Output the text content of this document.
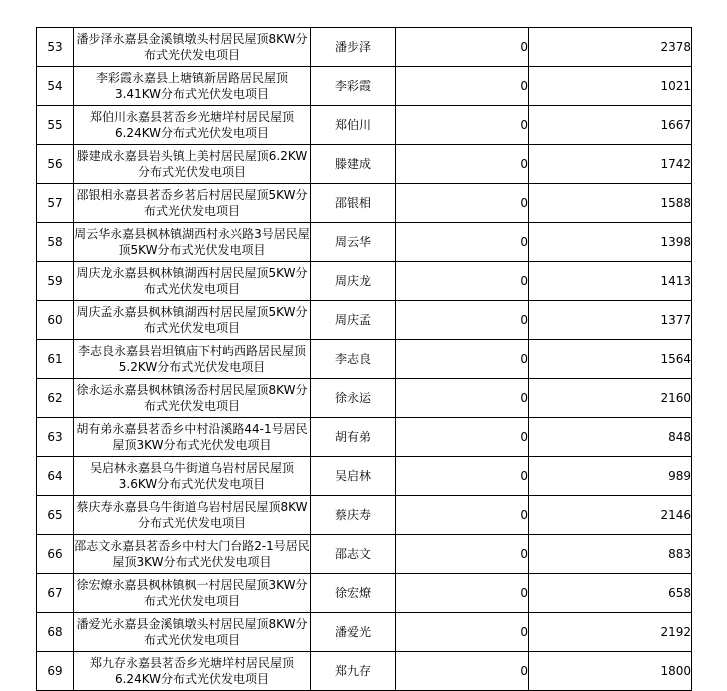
53	潘步泽永嘉县金溪镇墩头村居民屋顶8KW分布式光伏发电项目	潘步泽	0	2378
54	李彩霞永嘉县上塘镇新居路居民屋顶3.41KW分布式光伏发电项目	李彩霞	0	1021
55	郑伯川永嘉县茗岙乡光塘垟村居民屋顶6.24KW分布式光伏发电项目	郑伯川	0	1667
56	滕建成永嘉县岩头镇上美村居民屋顶6.2KW分布式光伏发电项目	滕建成	0	1742
57	邵银相永嘉县茗岙乡茗后村居民屋顶5KW分布式光伏发电项目	邵银相	0	1588
58	周云华永嘉县枫林镇湖西村永兴路3号居民屋顶5KW分布式光伏发电项目	周云华	0	1398
59	周庆龙永嘉县枫林镇湖西村居民屋顶5KW分布式光伏发电项目	周庆龙	0	1413
60	周庆孟永嘉县枫林镇湖西村居民屋顶5KW分布式光伏发电项目	周庆孟	0	1377
61	李志良永嘉县岩坦镇庙下村屿西路居民屋顶5.2KW分布式光伏发电项目	李志良	0	1564
62	徐永运永嘉县枫林镇汤岙村居民屋顶8KW分布式光伏发电项目	徐永运	0	2160
63	胡有弟永嘉县茗岙乡中村沿溪路44-1号居民屋顶3KW分布式光伏发电项目	胡有弟	0	848
64	吴启林永嘉县乌牛街道乌岩村居民屋顶3.6KW分布式光伏发电项目	吴启林	0	989
65	蔡庆寿永嘉县乌牛街道乌岩村居民屋顶8KW分布式光伏发电项目	蔡庆寿	0	2146
66	邵志文永嘉县茗岙乡中村大门台路2-1号居民屋顶3KW分布式光伏发电项目	邵志文	0	883
67	徐宏燎永嘉县枫林镇枫一村居民屋顶3KW分布式光伏发电项目	徐宏燎	0	658
68	潘爱光永嘉县金溪镇墩头村居民屋顶8KW分布式光伏发电项目	潘爱光	0	2192
69	郑九存永嘉县茗岙乡光塘垟村居民屋顶6.24KW分布式光伏发电项目	郑九存	0	1800
